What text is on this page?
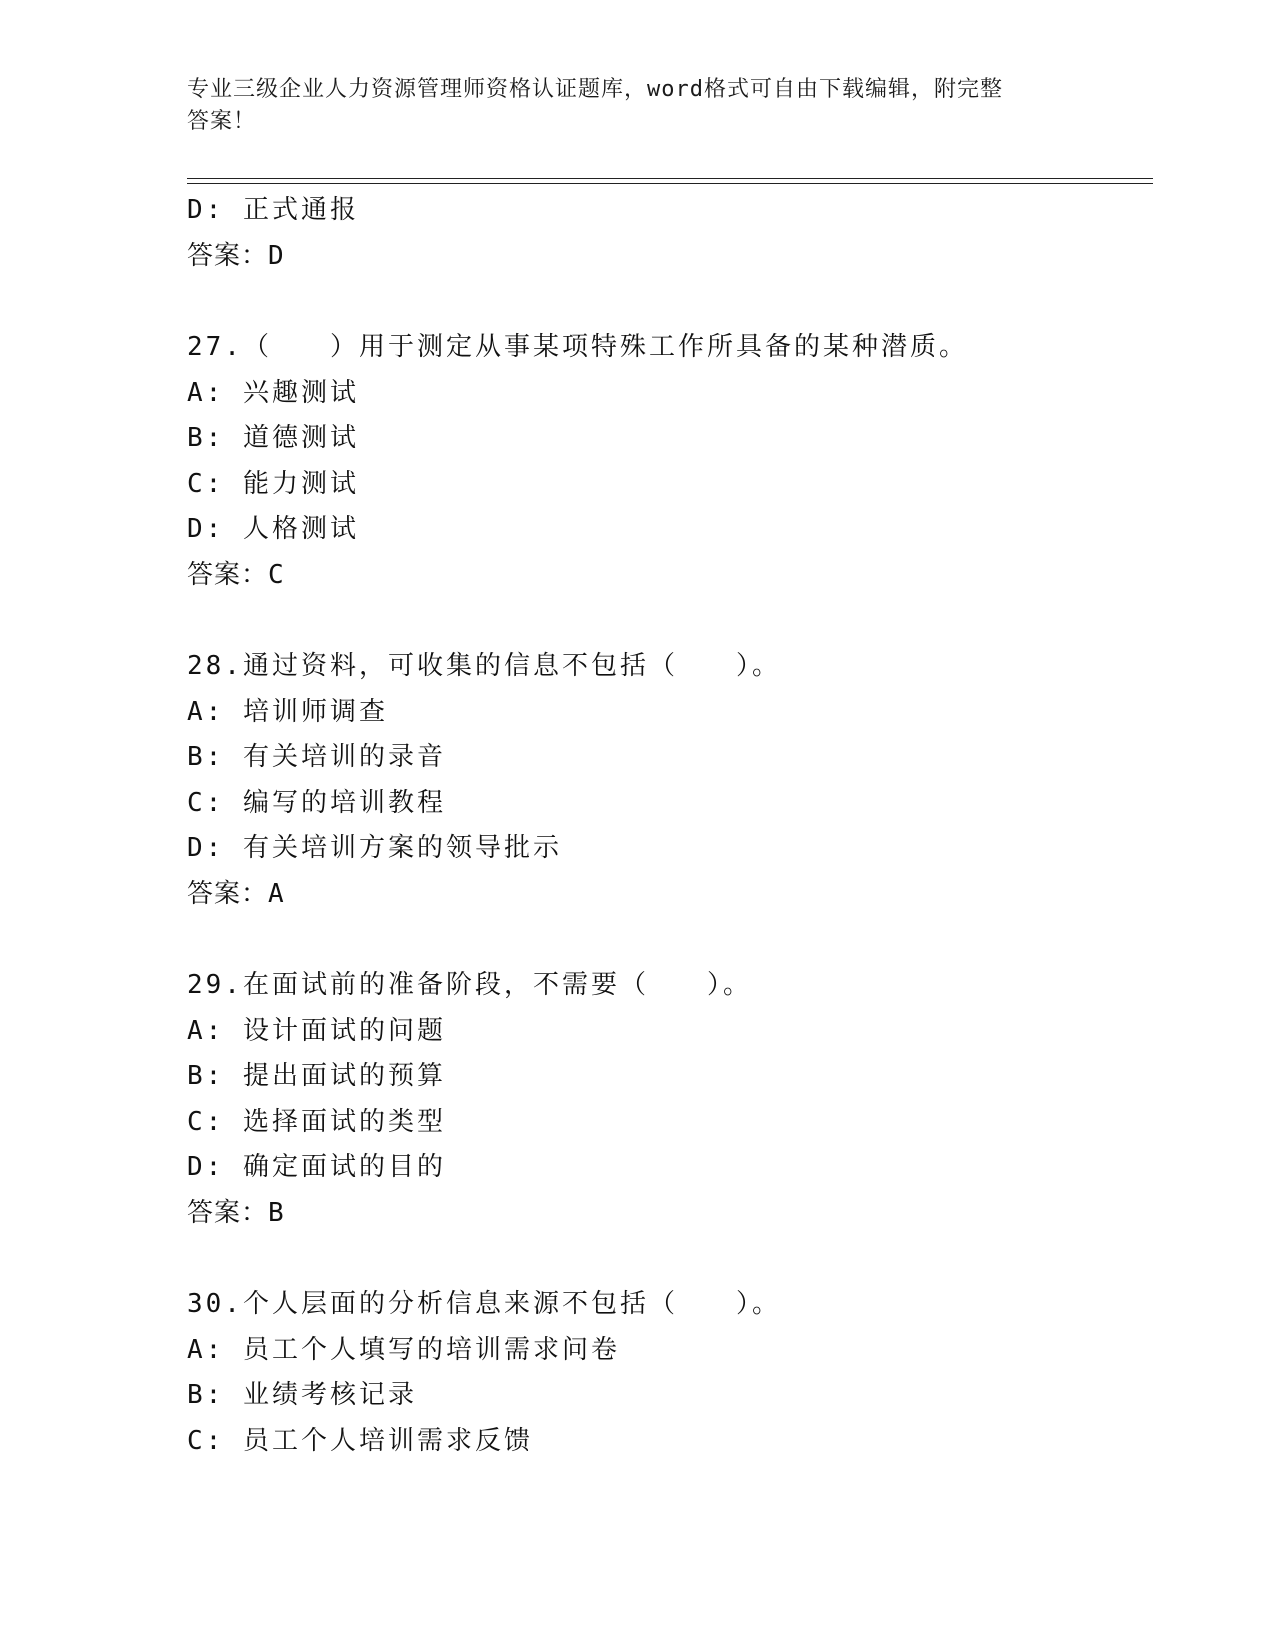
专业三级企业人力资源管理师资格认证题库，word格式可自由下载编辑，附完整
答案！
D: 正式通报
答案：D
27.（　　）用于测定从事某项特殊工作所具备的某种潜质。
A: 兴趣测试
B: 道德测试
C: 能力测试
D: 人格测试
答案：C
28.通过资料，可收集的信息不包括（　　）。
A: 培训师调查
B: 有关培训的录音
C: 编写的培训教程
D: 有关培训方案的领导批示
答案：A
29.在面试前的准备阶段，不需要（　　）。
A: 设计面试的问题
B: 提出面试的预算
C: 选择面试的类型
D: 确定面试的目的
答案：B
30.个人层面的分析信息来源不包括（　　）。
A: 员工个人填写的培训需求问卷
B: 业绩考核记录
C: 员工个人培训需求反馈
